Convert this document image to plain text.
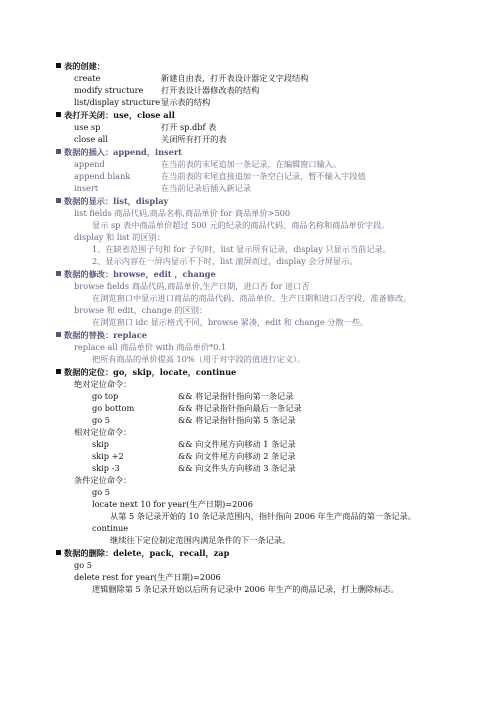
表的创建：
create	新建自由表，打开表设计器定义字段结构
modify structure 打开表设计器修改表的结构
list/display structure 显示表的结构
表打开关闭：use，close all
use sp	打开 sp.dbf 表
close all	关闭所有打开的表
数据的插入：append，insert
append	在当前表的末尾追加一条记录，在编辑窗口输入。
append blank	在当前表的末尾直接追加一条空白记录，暂不输入字段值
insert	在当前记录后插入新记录
数据的显示：list，display
list fields 商品代码,商品名称,商品单价 for 商品单价>500
显示 sp 表中商品单价超过 500 元的纪录的商品代码、商品名称和商品单价字段。
display 和 list 的区别：
1、在缺省范围子句和 for 子句时，list 显示所有记录，display 只显示当前记录。
2、显示内容在一屏内显示不下时，list 滚屏而过，display 会分屏显示。
数据的修改：browse，edit ，change
browse fields 商品代码,商品单价,生产日期，进口否 for 进口否
在浏览窗口中显示进口商品的商品代码、商品单价、生产日期和进口否字段，准备修改。
browse 和 edit、change 的区别：
在浏览窗口 idc 显示格式不同，browse 紧凑，edit 和 change 分散一些。
数据的替换：replace
replace all 商品单价 with 商品单价*0.1
把所有商品的单价提高 10%（用于对字段的值进行定义）。
数据的定位：go，skip，locate，continue
绝对定位命令：
go top	&& 将记录指针指向第一条记录
go bottom	&& 将记录指针指向最后一条记录
go 5	&& 将记录指针指向第 5 条记录
相对定位命令：
skip	&& 向文件尾方向移动 1 条记录
skip +2	&& 向文件尾方向移动 2 条记录
skip -3	&& 向文件头方向移动 3 条记录
条件定位命令：
go 5
locate next 10 for year(生产日期)=2006
从第 5 条记录开始的 10 条记录范围内，指针指向 2006 年生产商品的第一条记录。
continue
继续往下定位制定范围内满足条件的下一条记录。
数据的删除：delete，pack，recall，zap
go 5
delete rest for year(生产日期)=2006
逻辑删除第 5 条记录开始以后所有记录中 2006 年生产的商品记录，打上删除标志。
